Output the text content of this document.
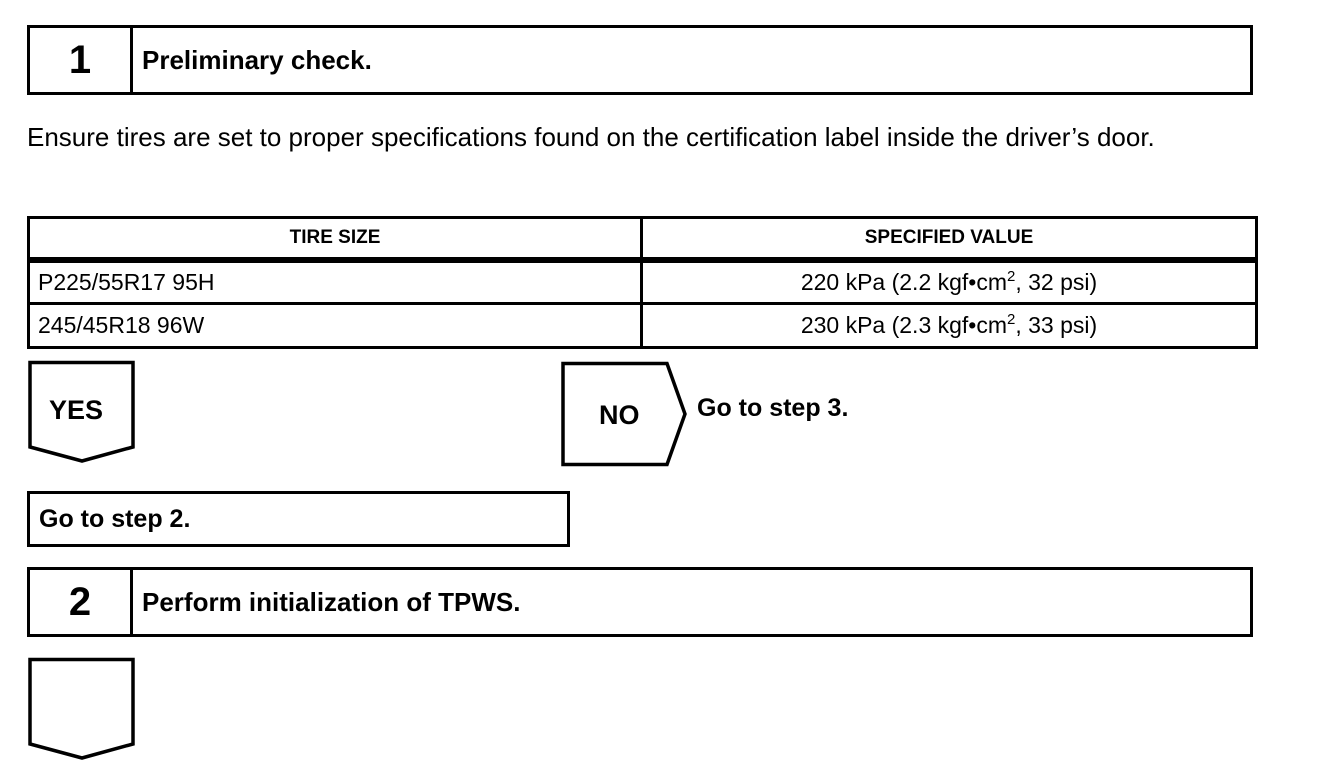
1	Preliminary check.
Ensure tires are set to proper specifications found on the certification label inside the driver’s door.
TIRE SIZE	SPECIFIED VALUE
P225/55R17 95H	220 kPa (2.2 $kgf•cm^2$, 32 psi)
245/45R18 96W	230 kPa (2.3 $kgf•cm^2$, 33 psi)
YES	NO Go to step 3.
Go to step 2.
2	Perform initialization of TPWS.
